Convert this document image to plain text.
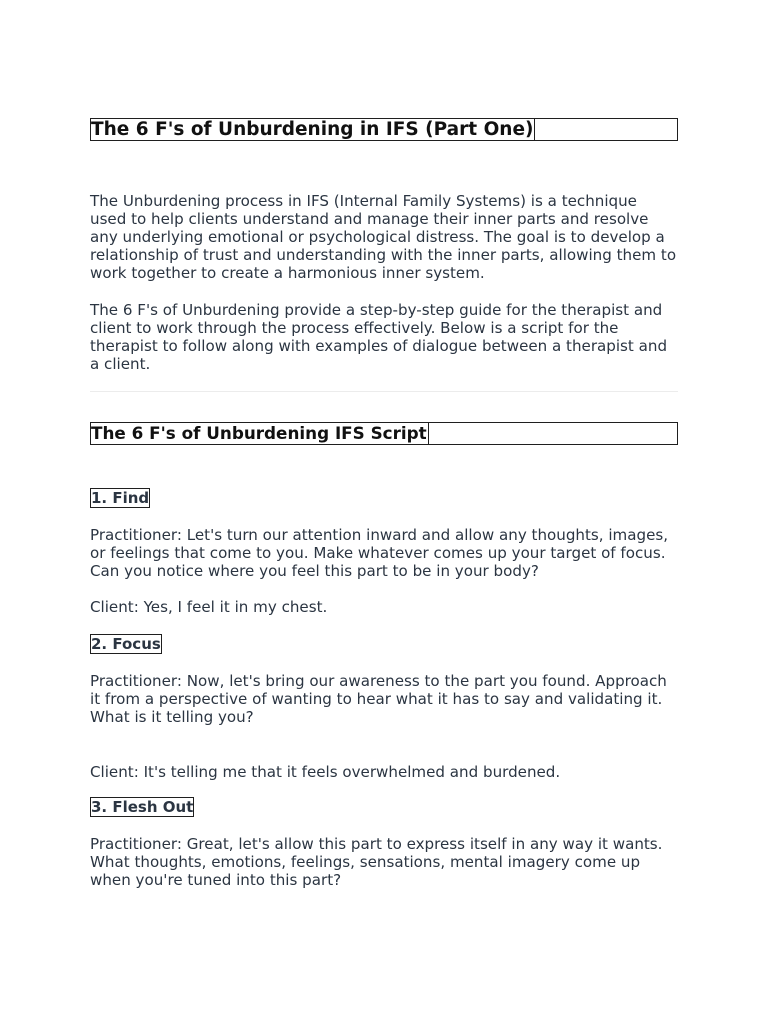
The 6 F's of Unburdening in IFS (Part One)

The Unburdening process in IFS (Internal Family Systems) is a technique used to help clients understand and manage their inner parts and resolve any underlying emotional or psychological distress. The goal is to develop a relationship of trust and understanding with the inner parts, allowing them to work together to create a harmonious inner system.

The 6 F's of Unburdening provide a step-by-step guide for the therapist and client to work through the process effectively. Below is a script for the therapist to follow along with examples of dialogue between a therapist and a client.

The 6 F's of Unburdening IFS Script
1. Find

Practitioner: Let's turn our attention inward and allow any thoughts, images, or feelings that come to you. Make whatever comes up your target of focus. Can you notice where you feel this part to be in your body?

Client: Yes, I feel it in my chest.

2. Focus

Practitioner: Now, let's bring our awareness to the part you found. Approach it from a perspective of wanting to hear what it has to say and validating it. What is it telling you?

Client: It's telling me that it feels overwhelmed and burdened.

3. Flesh Out

Practitioner: Great, let's allow this part to express itself in any way it wants. What thoughts, emotions, feelings, sensations, mental imagery come up when you're tuned into this part?
